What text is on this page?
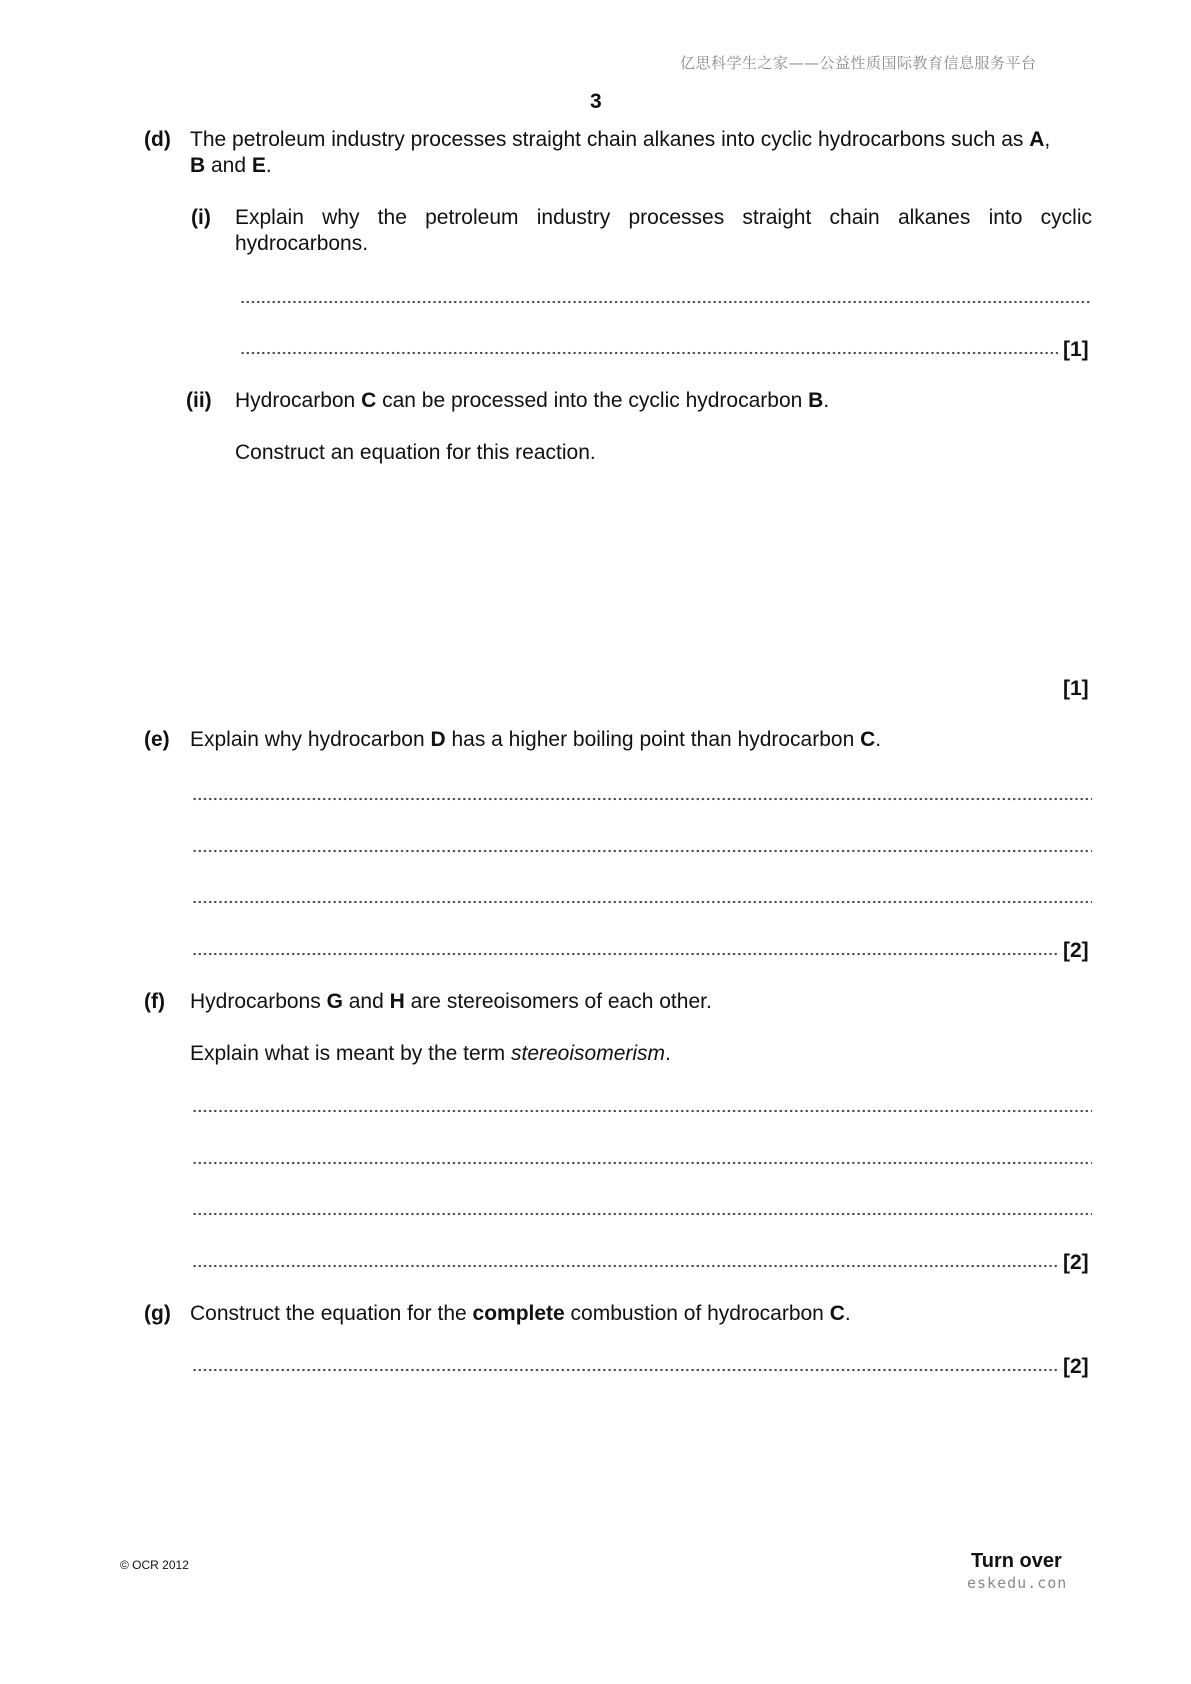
亿思科学生之家——公益性质国际教育信息服务平台
3
(d) The petroleum industry processes straight chain alkanes into cyclic hydrocarbons such as A,
B and E.
(i) Explain why the petroleum industry processes straight chain alkanes into cyclic
hydrocarbons.
[1]
(ii) Hydrocarbon C can be processed into the cyclic hydrocarbon B.
Construct an equation for this reaction.
[1]
(e) Explain why hydrocarbon D has a higher boiling point than hydrocarbon C.
[2]
(f) Hydrocarbons G and H are stereoisomers of each other.
Explain what is meant by the term stereoisomerism.
[2]
(g) Construct the equation for the complete combustion of hydrocarbon C.
[2]
© OCR 2012	Turn over
eskedu.con
